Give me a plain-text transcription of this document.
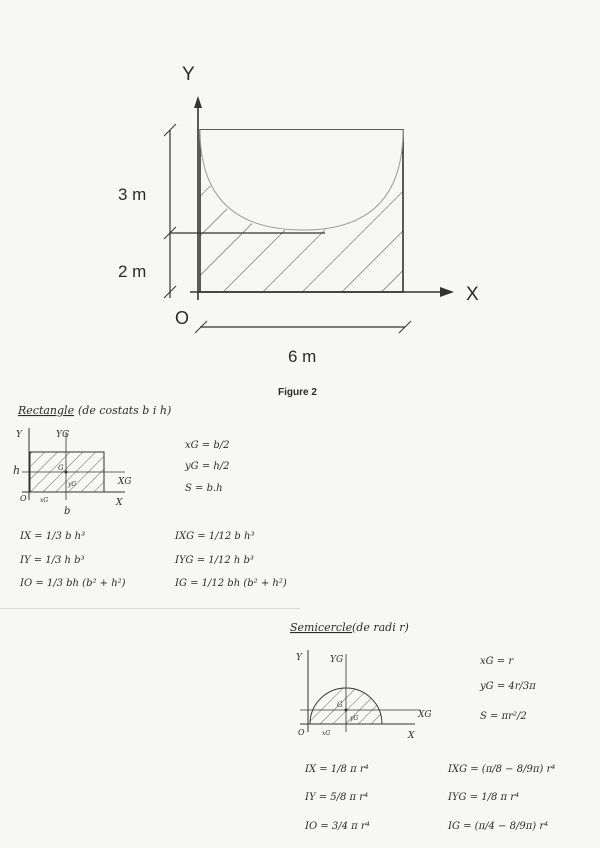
Y
X
O
3 m
2 m
6 m
Figure 2
Rectangle (de costats b i h)
Y	YG
XG
X
h
b
O
G
xG
yG
xG = b/2
yG = h/2
S = b.h
IX = 1/3 b h³
IY = 1/3 h b³
IO = 1/3 bh (b² + h²)
IXG = 1/12 b h³
IYG = 1/12 h b³
IG = 1/12 bh (b² + h²)
Semicercle (de radi r)
Y	YG
XG
X
O
G
xG
yG
xG = r
yG = 4r/3π
S = πr²/2
IX = 1/8 π r⁴
IY = 5/8 π r⁴
IO = 3/4 π r⁴
IXG = (π/8 − 8/9π) r⁴
IYG = 1/8 π r⁴
IG = (π/4 − 8/9π) r⁴
